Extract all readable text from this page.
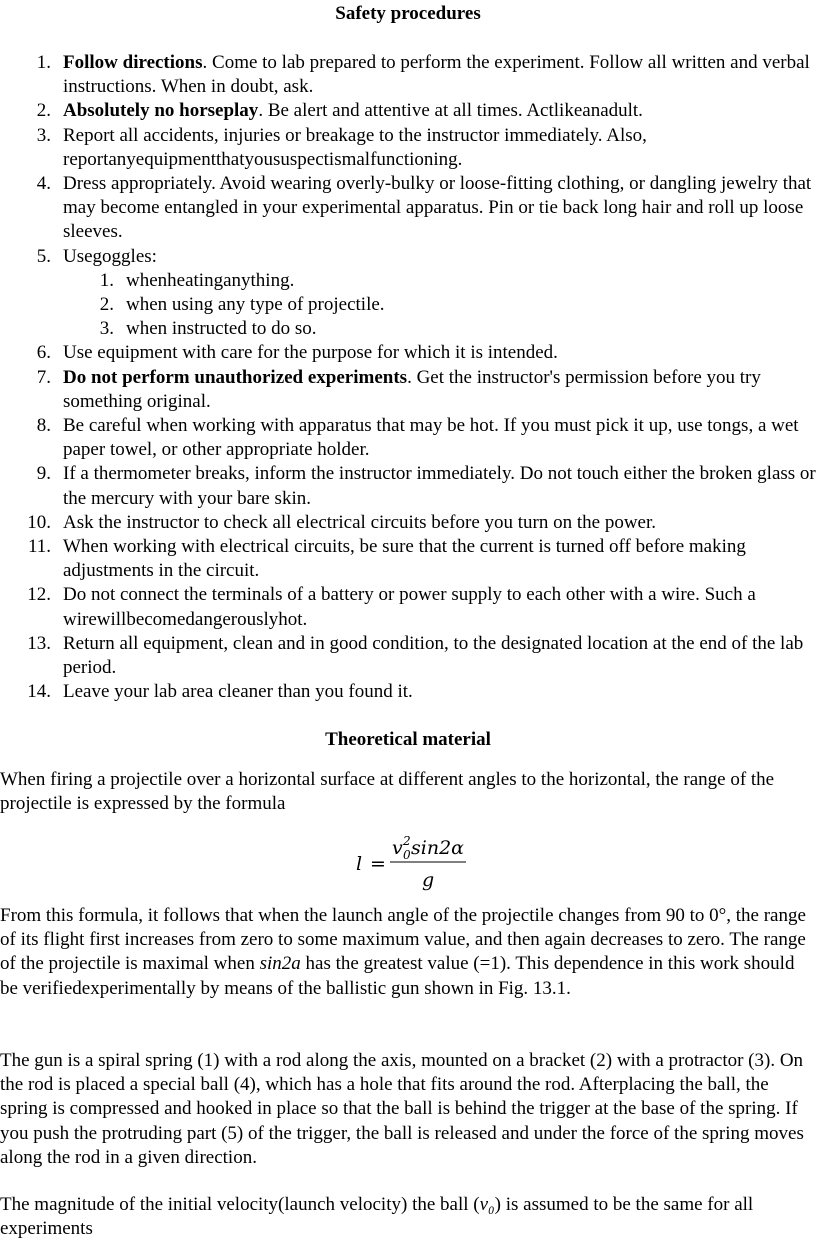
Safety procedures

1. Follow directions. Come to lab prepared to perform the experiment. Follow all written and verbal instructions. When in doubt, ask.
2. Absolutely no horseplay. Be alert and attentive at all times. Actlikeanadult.
3. Report all accidents, injuries or breakage to the instructor immediately. Also, reportanyequipmentthatyoususpectismalfunctioning.
4. Dress appropriately. Avoid wearing overly-bulky or loose-fitting clothing, or dangling jewelry that may become entangled in your experimental apparatus. Pin or tie back long hair and roll up loose sleeves.
5. Usegoggles:
1. whenheatinganything.
2. when using any type of projectile.
3. when instructed to do so.
6. Use equipment with care for the purpose for which it is intended.
7. Do not perform unauthorized experiments. Get the instructor's permission before you try something original.
8. Be careful when working with apparatus that may be hot. If you must pick it up, use tongs, a wet paper towel, or other appropriate holder.
9. If a thermometer breaks, inform the instructor immediately. Do not touch either the broken glass or the mercury with your bare skin.
10. Ask the instructor to check all electrical circuits before you turn on the power.
11. When working with electrical circuits, be sure that the current is turned off before making adjustments in the circuit.
12. Do not connect the terminals of a battery or power supply to each other with a wire. Such a wirewillbecomedangerouslyhot.
13. Return all equipment, clean and in good condition, to the designated location at the end of the lab period.
14. Leave your lab area cleaner than you found it.

Theoretical material

When firing a projectile over a horizontal surface at different angles to the horizontal, the range of the projectile is expressed by the formula

l =
v 2
0 sin2α
g

From this formula, it follows that when the launch angle of the projectile changes from 90 to 0°, the range of its flight first increases from zero to some maximum value, and then again decreases to zero. The range of the projectile is maximal when sin2a has the greatest value (=1). This dependence in this work should be verifiedexperimentally by means of the ballistic gun shown in Fig. 13.1.

The gun is a spiral spring (1) with a rod along the axis, mounted on a bracket (2) with a protractor (3). On the rod is placed a special ball (4), which has a hole that fits around the rod. Afterplacing the ball, the spring is compressed and hooked in place so that the ball is behind the trigger at the base of the spring. If you push the protruding part (5) of the trigger, the ball is released and under the force of the spring moves along the rod in a given direction.

The magnitude of the initial velocity(launch velocity) the ball (v₀) is assumed to be the same for all experiments
